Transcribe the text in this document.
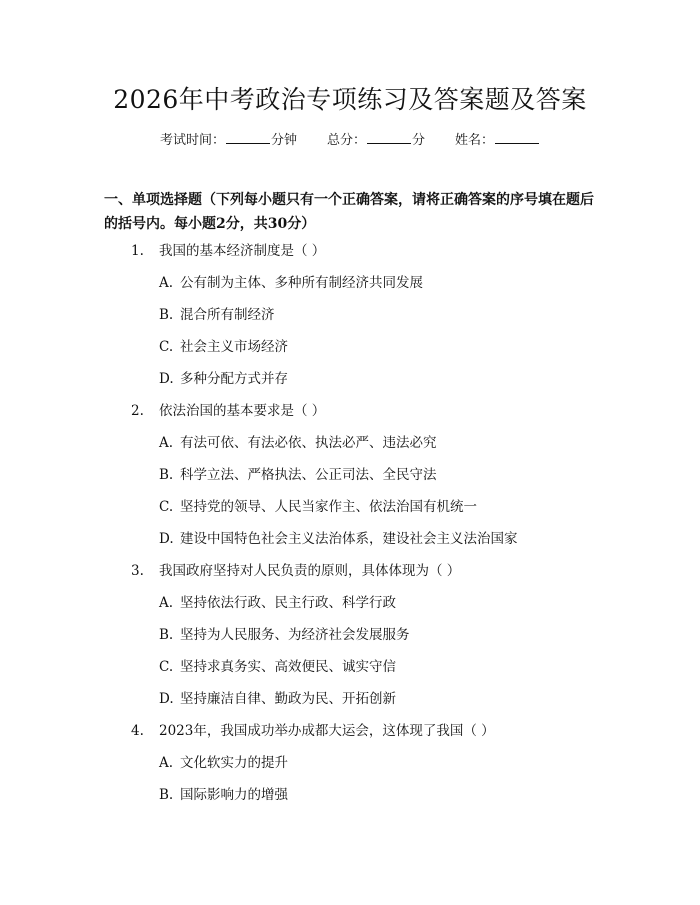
2026年中考政治专项练习及答案题及答案
考试时间：	分钟 总分：	分 姓名：
一、单项选择题（下列每小题只有一个正确答案，请将正确答案的序号填在题后的括号内。每小题2分，共30分）
1. 我国的基本经济制度是（ ）
A. 公有制为主体、多种所有制经济共同发展
B. 混合所有制经济
C. 社会主义市场经济
D. 多种分配方式并存
2. 依法治国的基本要求是（ ）
A. 有法可依、有法必依、执法必严、违法必究
B. 科学立法、严格执法、公正司法、全民守法
C. 坚持党的领导、人民当家作主、依法治国有机统一
D. 建设中国特色社会主义法治体系，建设社会主义法治国家
3. 我国政府坚持对人民负责的原则，具体体现为（ ）
A. 坚持依法行政、民主行政、科学行政
B. 坚持为人民服务、为经济社会发展服务
C. 坚持求真务实、高效便民、诚实守信
D. 坚持廉洁自律、勤政为民、开拓创新
4. 2023年，我国成功举办成都大运会，这体现了我国（ ）
A. 文化软实力的提升
B. 国际影响力的增强
